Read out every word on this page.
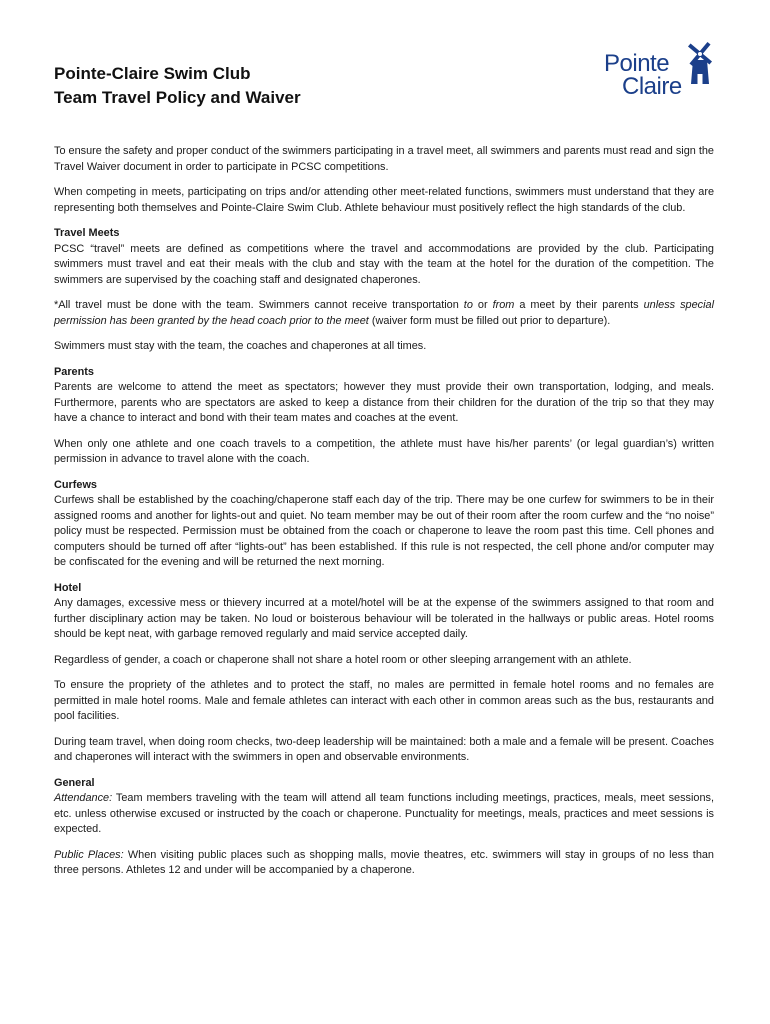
Pointe-Claire Swim Club
Team Travel Policy and Waiver
Pointe
Claire

To ensure the safety and proper conduct of the swimmers participating in a travel meet, all swimmers and parents must read and sign the Travel Waiver document in order to participate in PCSC competitions.

When competing in meets, participating on trips and/or attending other meet-related functions, swimmers must understand that they are representing both themselves and Pointe-Claire Swim Club. Athlete behaviour must positively reflect the high standards of the club.

Travel Meets

PCSC “travel” meets are defined as competitions where the travel and accommodations are provided by the club. Participating swimmers must travel and eat their meals with the club and stay with the team at the hotel for the duration of the competition. The swimmers are supervised by the coaching staff and designated chaperones.

*All travel must be done with the team. Swimmers cannot receive transportation to or from a meet by their parents unless special permission has been granted by the head coach prior to the meet (waiver form must be filled out prior to departure).

Swimmers must stay with the team, the coaches and chaperones at all times.

Parents

Parents are welcome to attend the meet as spectators; however they must provide their own transportation, lodging, and meals. Furthermore, parents who are spectators are asked to keep a distance from their children for the duration of the trip so that they may have a chance to interact and bond with their team mates and coaches at the event.

When only one athlete and one coach travels to a competition, the athlete must have his/her parents’ (or legal guardian’s) written permission in advance to travel alone with the coach.

Curfews

Curfews shall be established by the coaching/chaperone staff each day of the trip. There may be one curfew for swimmers to be in their assigned rooms and another for lights-out and quiet. No team member may be out of their room after the room curfew and the “no noise” policy must be respected. Permission must be obtained from the coach or chaperone to leave the room past this time. Cell phones and computers should be turned off after “lights-out” has been established. If this rule is not respected, the cell phone and/or computer may be confiscated for the evening and will be returned the next morning.

Hotel

Any damages, excessive mess or thievery incurred at a motel/hotel will be at the expense of the swimmers assigned to that room and further disciplinary action may be taken. No loud or boisterous behaviour will be tolerated in the hallways or public areas. Hotel rooms should be kept neat, with garbage removed regularly and maid service accepted daily.

Regardless of gender, a coach or chaperone shall not share a hotel room or other sleeping arrangement with an athlete.

To ensure the propriety of the athletes and to protect the staff, no males are permitted in female hotel rooms and no females are permitted in male hotel rooms. Male and female athletes can interact with each other in common areas such as the bus, restaurants and pool facilities.

During team travel, when doing room checks, two-deep leadership will be maintained: both a male and a female will be present. Coaches and chaperones will interact with the swimmers in open and observable environments.

General

Attendance: Team members traveling with the team will attend all team functions including meetings, practices, meals, meet sessions, etc. unless otherwise excused or instructed by the coach or chaperone. Punctuality for meetings, meals, practices and meet sessions is expected.

Public Places: When visiting public places such as shopping malls, movie theatres, etc. swimmers will stay in groups of no less than three persons. Athletes 12 and under will be accompanied by a chaperone.
